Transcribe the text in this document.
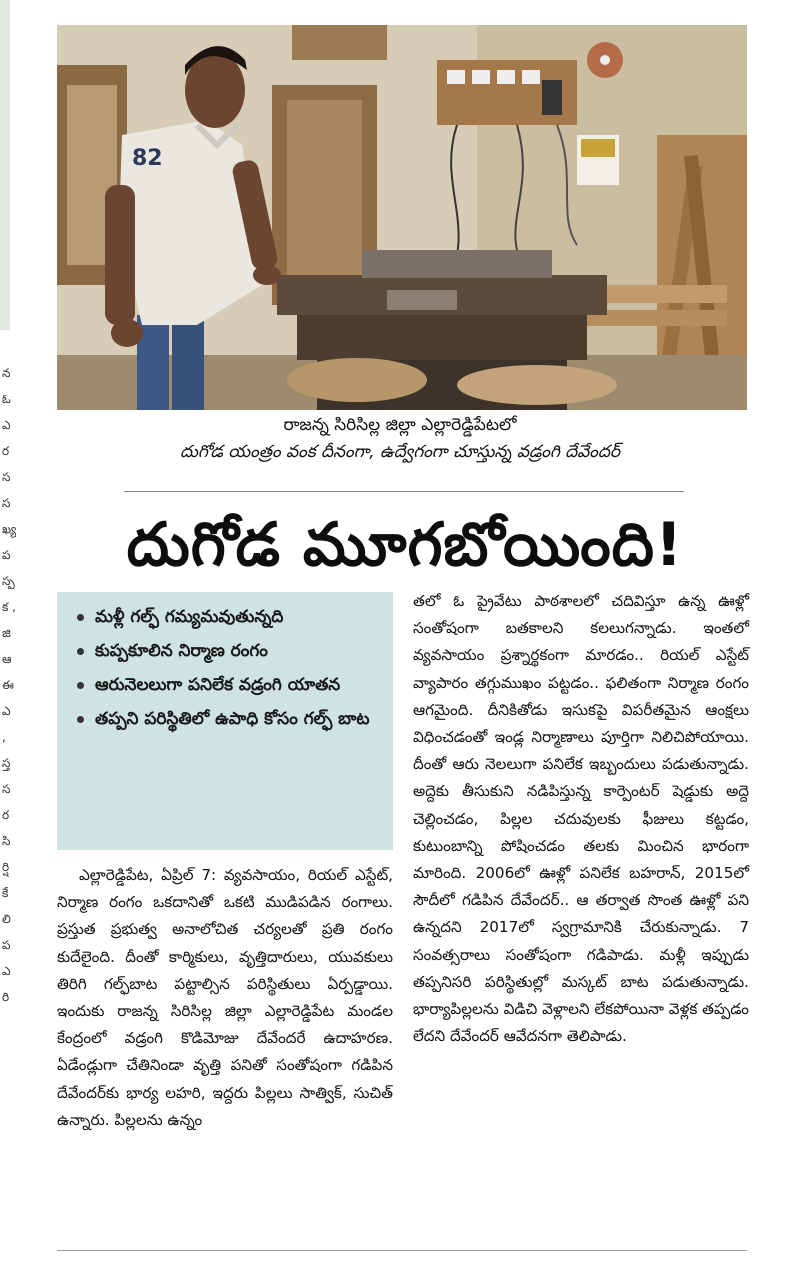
న ఓ ఎ ర స స ఖ్య ప స్ప క , జి ఆ ఈ ఎ , స్త స ర సి ర్షి కే లి ప ఎ రి
82
రాజన్న సిరిసిల్ల జిల్లా ఎల్లారెడ్డిపేటలో
దుగోడ యంత్రం వంక దీనంగా, ఉద్వేగంగా చూస్తున్న వడ్రంగి దేవేందర్
దుగోడ మూగబోయింది!
మళ్లీ గల్ఫ్ గమ్యమవుతున్నది
కుప్పకూలిన నిర్మాణ రంగం
ఆరునెలలుగా పనిలేక వడ్రంగి యాతన
తప్పని పరిస్థితిలో ఉపాధి కోసం గల్ఫ్ బాట

ఎల్లారెడ్డిపేట, ఏప్రిల్ 7: వ్యవసాయం, రియల్ ఎస్టేట్, నిర్మాణ రంగం ఒకదానితో ఒకటి ముడిపడిన రంగాలు. ప్రస్తుత ప్రభుత్వ అనాలోచిత చర్యలతో ప్రతి రంగం కుదేలైంది. దీంతో కార్మికులు, వృత్తిదారులు, యువకులు తిరిగి గల్ఫ్‌బాట పట్టాల్సిన పరిస్థితులు ఏర్పడ్డాయి. ఇందుకు రాజన్న సిరిసిల్ల జిల్లా ఎల్లారెడ్డిపేట మండల కేంద్రంలో వడ్రంగి కొడిమోజు దేవేందరే ఉదాహరణ. ఏడేండ్లుగా చేతినిండా వృత్తి పనితో సంతోషంగా గడిపిన దేవేందర్‌కు భార్య లహరి, ఇద్దరు పిల్లలు సాత్విక్, సుచిత్ ఉన్నారు. పిల్లలను ఉన్నం

తలో ఓ ప్రైవేటు పాఠశాలలో చదివిస్తూ ఉన్న ఊళ్లో సంతోషంగా బతకాలని కలలుగన్నాడు. ఇంతలో వ్యవసాయం ప్రశ్నార్థకంగా మారడం.. రియల్ ఎస్టేట్ వ్యాపారం తగ్గుముఖం పట్టడం.. ఫలితంగా నిర్మాణ రంగం ఆగమైంది. దీనికితోడు ఇసుకపై విపరీతమైన ఆంక్షలు విధించడంతో ఇండ్ల నిర్మాణాలు పూర్తిగా నిలిచిపోయాయి. దీంతో ఆరు నెలలుగా పనిలేక ఇబ్బందులు పడుతున్నాడు. అద్దెకు తీసుకుని నడిపిస్తున్న కార్పెంటర్ షెడ్డుకు అద్దె చెల్లించడం, పిల్లల చదువులకు ఫీజులు కట్టడం, కుటుంబాన్ని పోషించడం తలకు మించిన భారంగా మారింది. 2006లో ఊళ్లో పనిలేక బహరాన్, 2015లో సౌదీలో గడిపిన దేవేందర్.. ఆ తర్వాత సొంత ఊళ్లో పని ఉన్నదని 2017లో స్వగ్రామానికి చేరుకున్నాడు. 7 సంవత్సరాలు సంతోషంగా గడిపాడు. మళ్లీ ఇప్పుడు తప్పనిసరి పరిస్థితుల్లో మస్కట్ బాట పడుతున్నాడు. భార్యాపిల్లలను విడిచి వెళ్లాలని లేకపోయినా వెళ్లక తప్పడం లేదని దేవేందర్ ఆవేదనగా తెలిపాడు.
